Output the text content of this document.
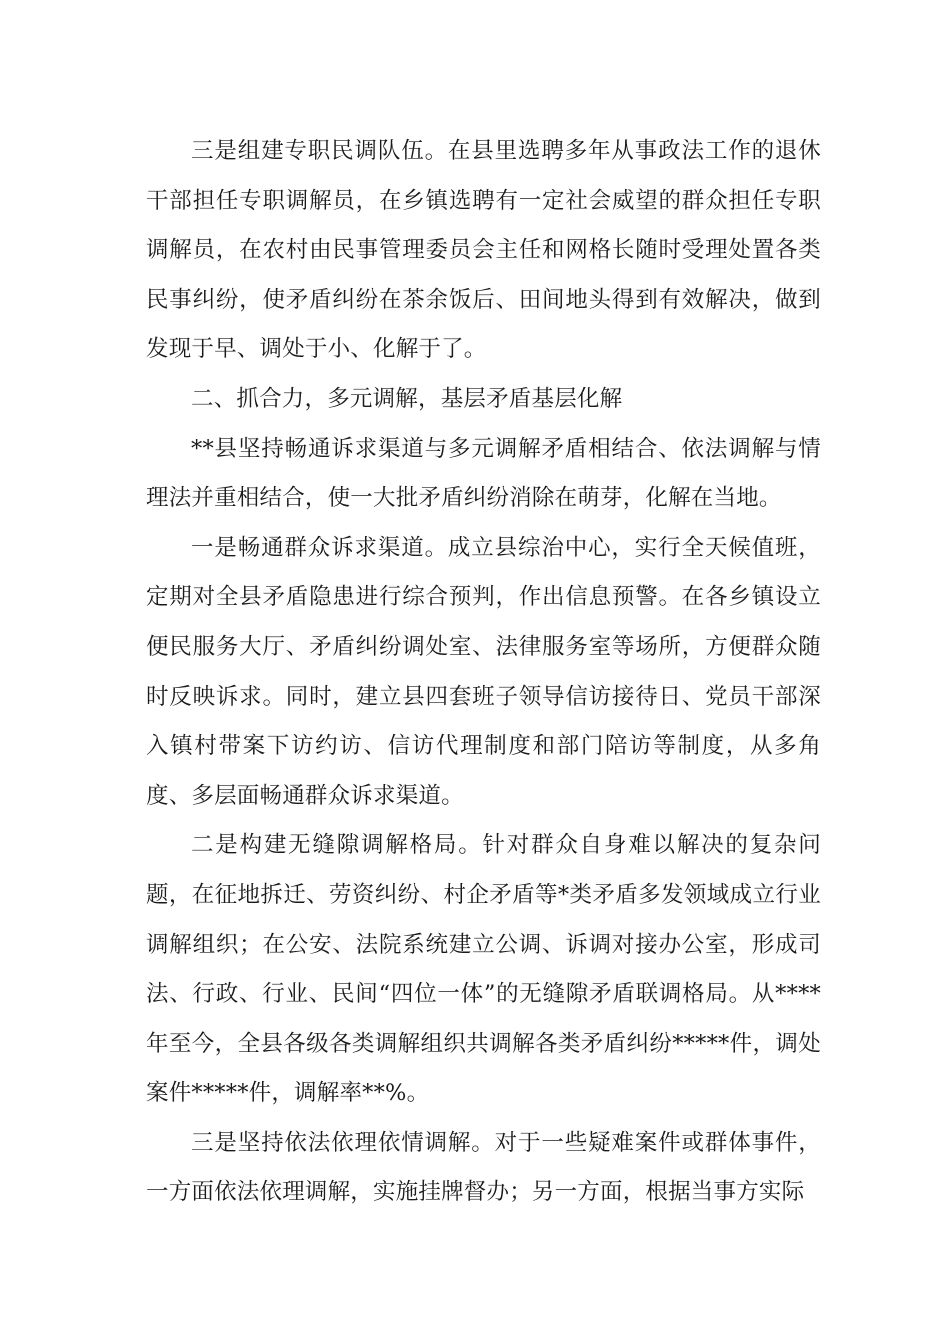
三是组建专职民调队伍。在县里选聘多年从事政法工作的退休干部担任专职调解员，在乡镇选聘有一定社会威望的群众担任专职调解员，在农村由民事管理委员会主任和网格长随时受理处置各类民事纠纷，使矛盾纠纷在茶余饭后、田间地头得到有效解决，做到发现于早、调处于小、化解于了。

二、抓合力，多元调解，基层矛盾基层化解

**县坚持畅通诉求渠道与多元调解矛盾相结合、依法调解与情理法并重相结合，使一大批矛盾纠纷消除在萌芽，化解在当地。

一是畅通群众诉求渠道。成立县综治中心，实行全天候值班，定期对全县矛盾隐患进行综合预判，作出信息预警。在各乡镇设立便民服务大厅、矛盾纠纷调处室、法律服务室等场所，方便群众随时反映诉求。同时，建立县四套班子领导信访接待日、党员干部深入镇村带案下访约访、信访代理制度和部门陪访等制度，从多角度、多层面畅通群众诉求渠道。

二是构建无缝隙调解格局。针对群众自身难以解决的复杂问题，在征地拆迁、劳资纠纷、村企矛盾等*类矛盾多发领域成立行业调解组织；在公安、法院系统建立公调、诉调对接办公室，形成司法、行政、行业、民间“四位一体”的无缝隙矛盾联调格局。从****年至今，全县各级各类调解组织共调解各类矛盾纠纷*****件，调处案件*****件，调解率**%。

三是坚持依法依理依情调解。对于一些疑难案件或群体事件，一方面依法依理调解，实施挂牌督办；另一方面，根据当事方实际
